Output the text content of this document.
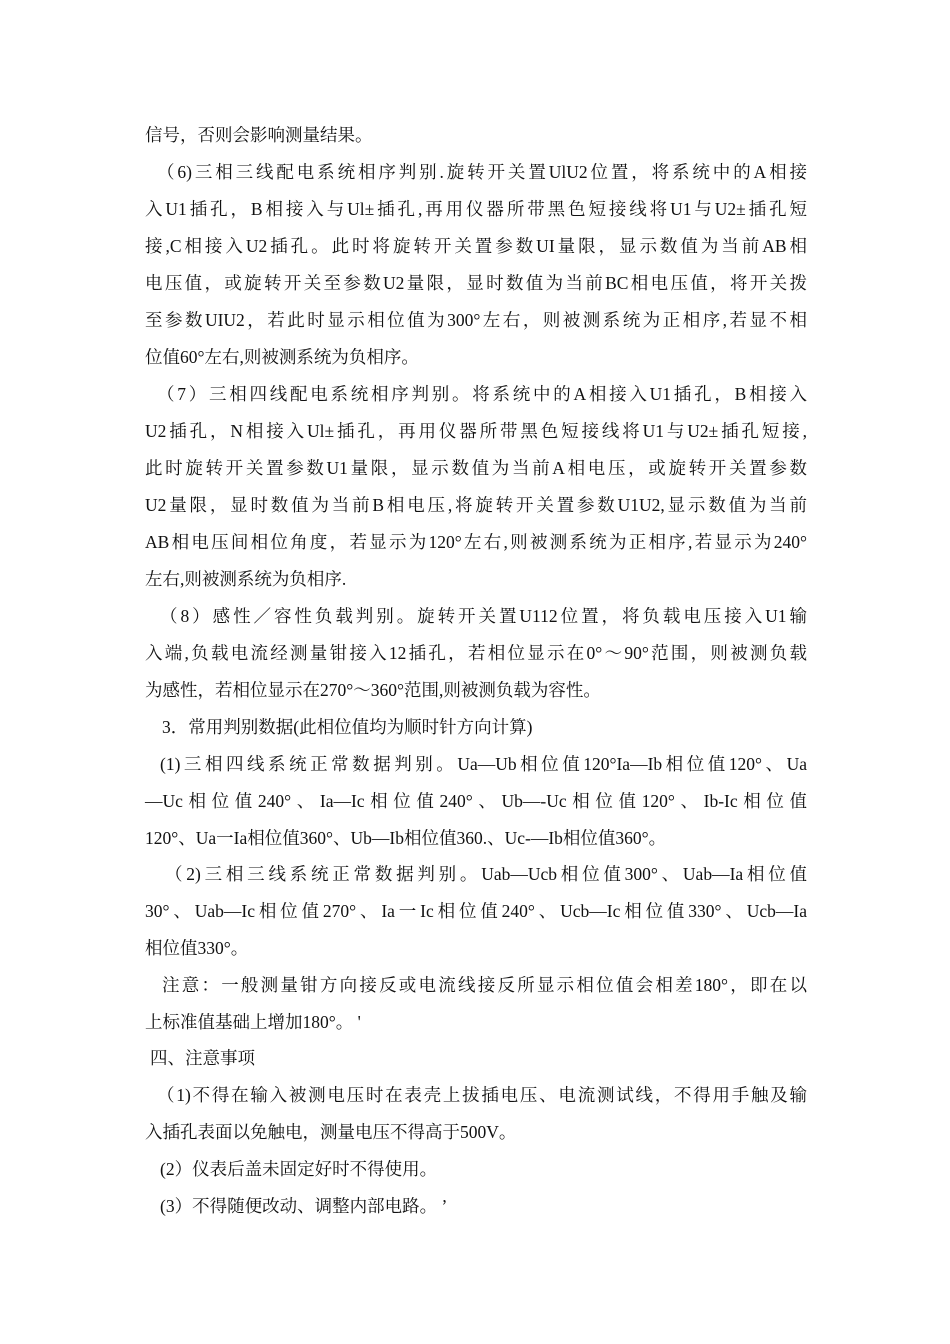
信号，否则会影响测量结果。

（6)三相三线配电系统相序判别.旋转开关置UlU2位置，将系统中的A相接

入U1插孔，B相接入与Ul±插孔,再用仪器所带黑色短接线将U1与U2±插孔短

接,C相接入U2插孔。此时将旋转开关置参数UI量限，显示数值为当前AB相

电压值，或旋转开关至参数U2量限，显时数值为当前BC相电压值，将开关拨

至参数UIU2，若此时显示相位值为300°左右，则被测系统为正相序,若显不相

位值60°左右,则被测系统为负相序。

（7）三相四线配电系统相序判别。将系统中的A相接入U1插孔，B相接入

U2插孔，N相接入Ul±插孔，再用仪器所带黑色短接线将U1与U2±插孔短接,

此时旋转开关置参数U1量限，显示数值为当前A相电压，或旋转开关置参数

U2量限，显时数值为当前B相电压,将旋转开关置参数U1U2,显示数值为当前

AB相电压间相位角度，若显示为120°左右,则被测系统为正相序,若显示为240°

左右,则被测系统为负相序.

（8）感性／容性负载判别。旋转开关置U112位置，将负载电压接入U1输

入端,负载电流经测量钳接入12插孔，若相位显示在0°～90°范围，则被测负载

为感性，若相位显示在270°～360°范围,则被测负载为容性。

3．常用判别数据(此相位值均为顺时针方向计算)

(1)三相四线系统正常数据判别。Ua—Ub相位值120°Ia—Ib相位值120°、Ua

—Uc相位值240°、Ia—Ic相位值240°、Ub—-Uc相位值120°、Ib-Ic相位值

120°、Ua一Ia相位值360°、Ub—Ib相位值360.、Uc-—Ib相位值360°。

（2)三相三线系统正常数据判别。Uab—Ucb相位值300°、Uab—Ia相位值

30°、Uab—Ic相位值270°、Ia一Ic相位值240°、Ucb—Ic相位值330°、Ucb—Ia

相位值330°。

注意：一般测量钳方向接反或电流线接反所显示相位值会相差180°，即在以

上标准值基础上增加180°。 '

四、注意事项

（1)不得在输入被测电压时在表壳上拔插电压、电流测试线，不得用手触及输

入插孔表面以免触电，测量电压不得高于500V。

(2）仪表后盖未固定好时不得使用。

(3）不得随便改动、调整内部电路。 ’
